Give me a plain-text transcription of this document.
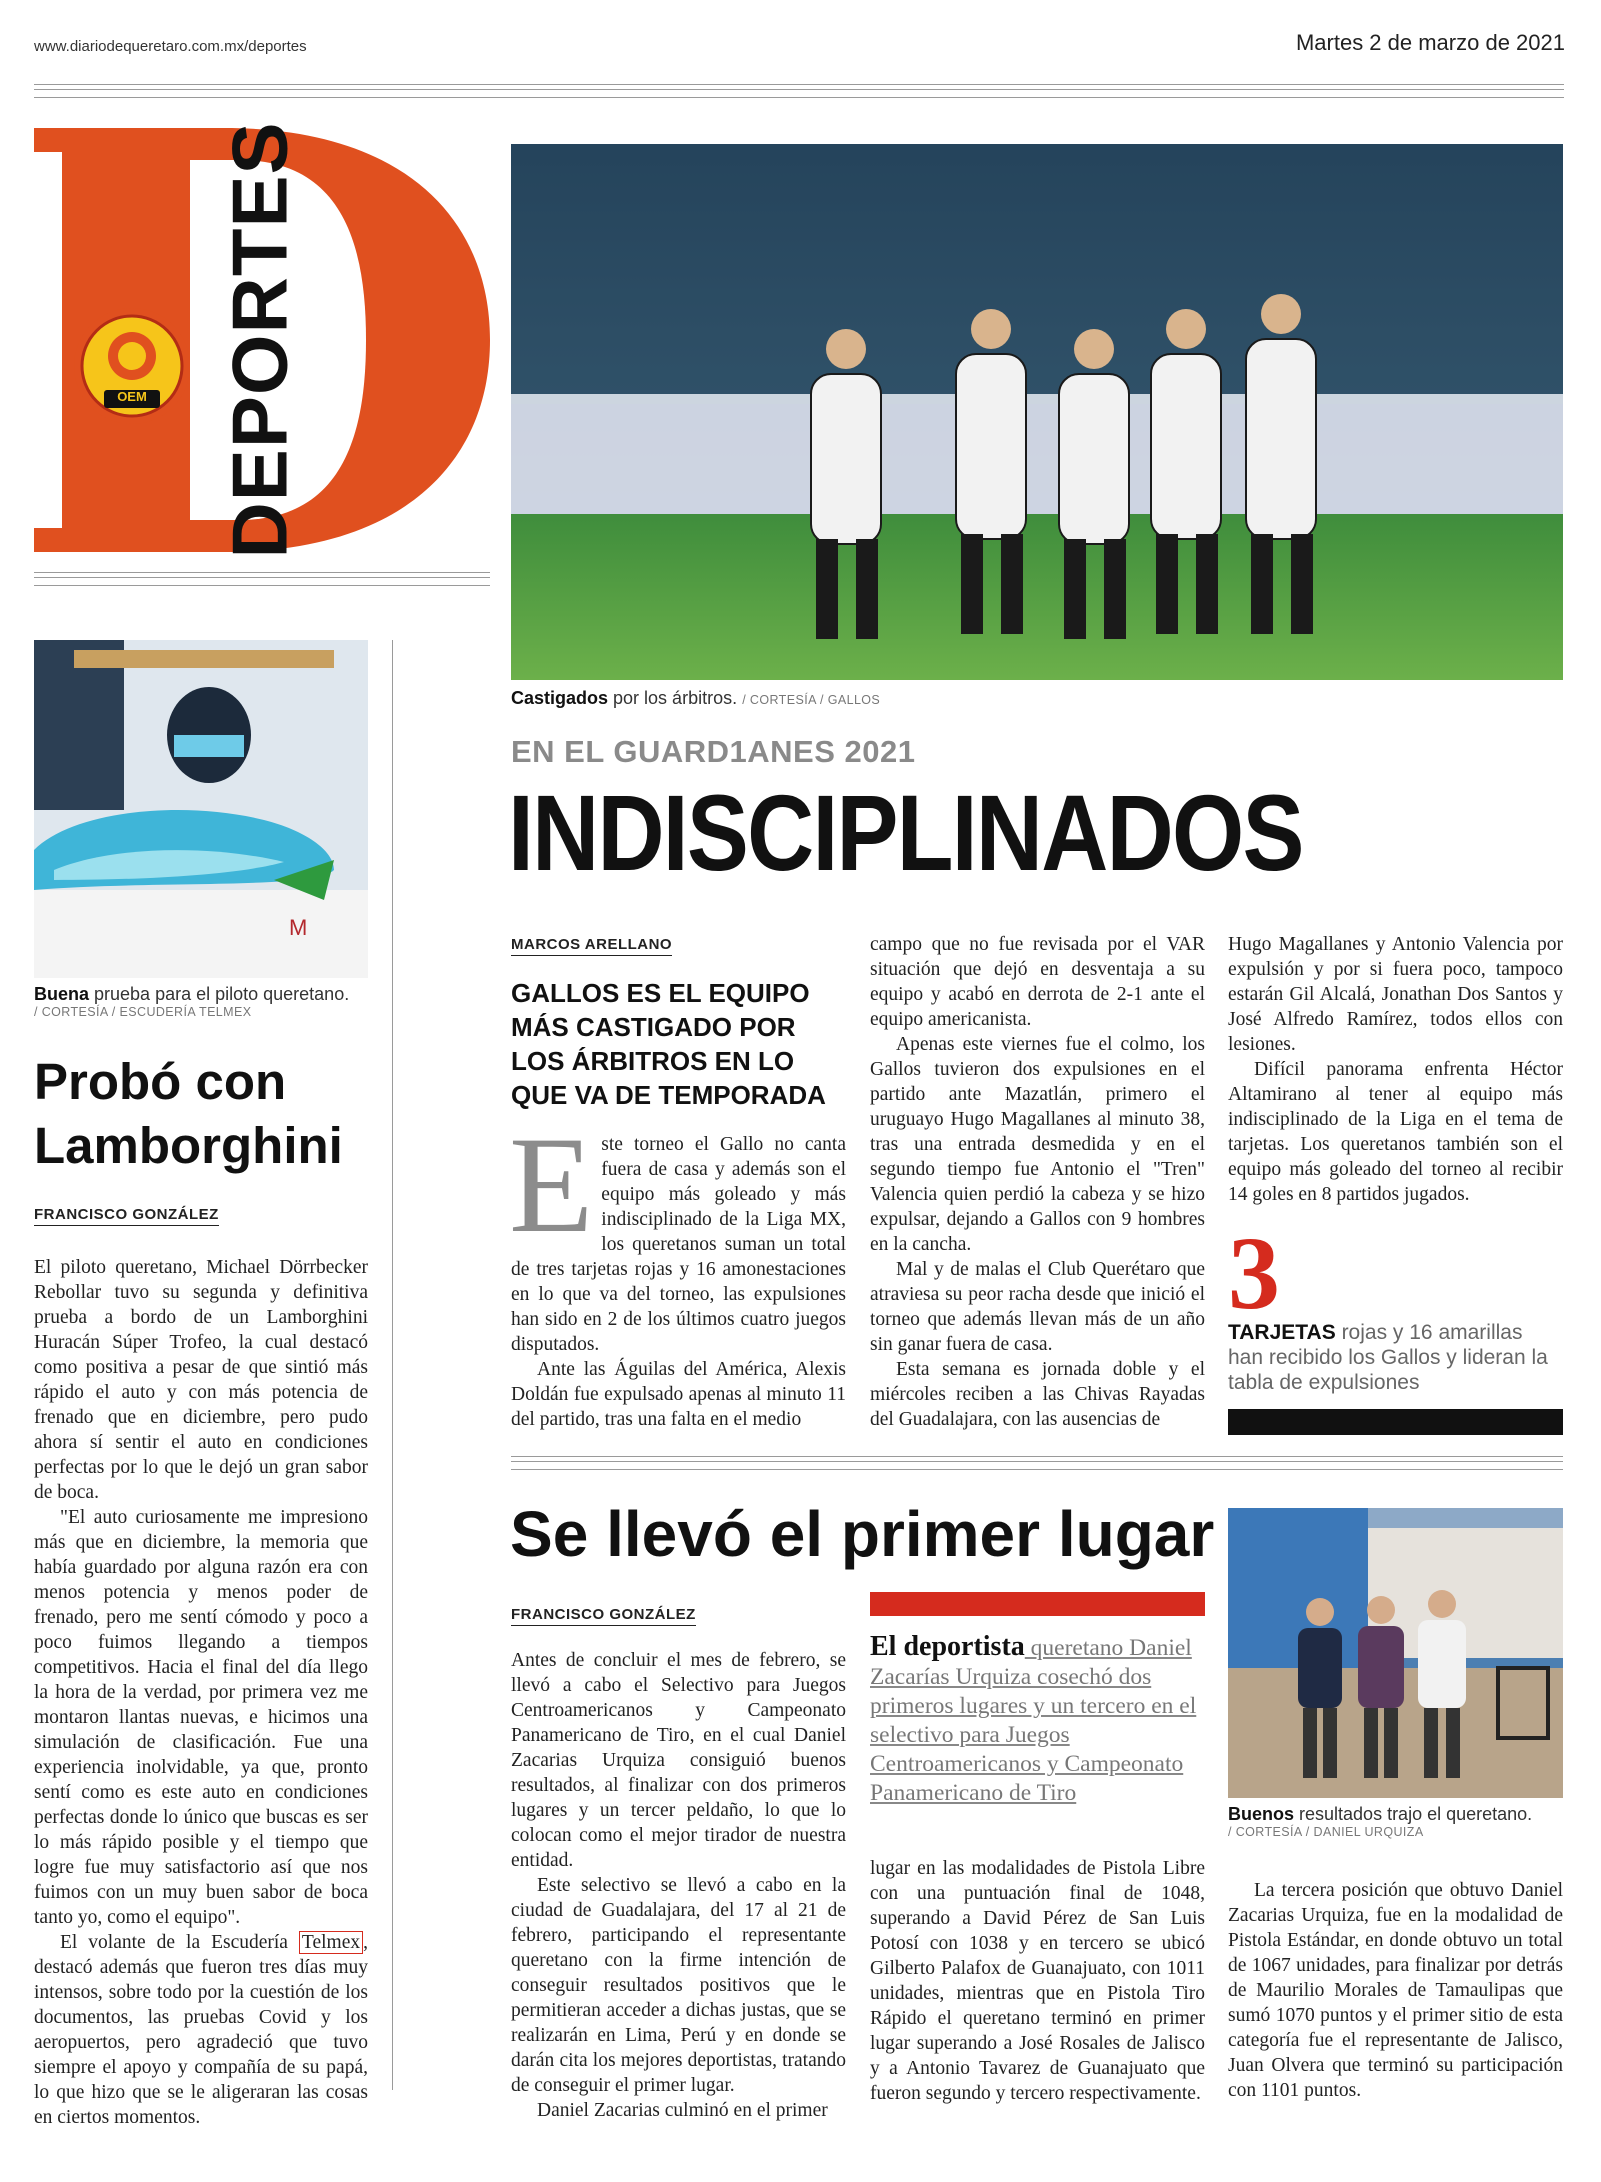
www.diariodequeretaro.com.mx/deportes	Martes 2 de marzo de 2021
OEM DEPORTES
Castigados por los árbitros. / CORTESÍA / GALLOS
EN EL GUARD1ANES 2021
INDISCIPLINADOS
MARCOS ARELLANO
GALLOS ES EL EQUIPO MÁS CASTIGADO POR LOS ÁRBITROS EN LO QUE VA DE TEMPORADA

Este torneo el Gallo no canta fuera de casa y además son el equipo más goleado y más indisciplinado de la Liga MX, los queretanos suman un total de tres tarjetas rojas y 16 amonestaciones en lo que va del torneo, las expulsiones han sido en 2 de los últimos cuatro juegos disputados.

Ante las Águilas del América, Alexis Doldán fue expulsado apenas al minuto 11 del partido, tras una falta en el medio

campo que no fue revisada por el VAR situación que dejó en desventaja a su equipo y acabó en derrota de 2-1 ante el equipo americanista.

Apenas este viernes fue el colmo, los Gallos tuvieron dos expulsiones en el partido ante Mazatlán, primero el uruguayo Hugo Magallanes al minuto 38, tras una entrada desmedida y en el segundo tiempo fue Antonio el "Tren" Valencia quien perdió la cabeza y se hizo expulsar, dejando a Gallos con 9 hombres en la cancha.

Mal y de malas el Club Querétaro que atraviesa su peor racha desde que inició el torneo que además llevan más de un año sin ganar fuera de casa.

Esta semana es jornada doble y el miércoles reciben a las Chivas Rayadas del Guadalajara, con las ausencias de

Hugo Magallanes y Antonio Valencia por expulsión y por si fuera poco, tampoco estarán Gil Alcalá, Jonathan Dos Santos y José Alfredo Ramírez, todos ellos con lesiones.

Difícil panorama enfrenta Héctor Altamirano al tener al equipo más indisciplinado de la Liga en el tema de tarjetas. Los queretanos también son el equipo más goleado del torneo al recibir 14 goles en 8 partidos jugados.

3
TARJETAS rojas y 16 amarillas han recibido los Gallos y lideran la tabla de expulsiones
Se llevó el primer lugar
FRANCISCO GONZÁLEZ

Antes de concluir el mes de febrero, se llevó a cabo el Selectivo para Juegos Centroamericanos y Campeonato Panamericano de Tiro, en el cual Daniel Zacarias Urquiza consiguió buenos resultados, al finalizar con dos primeros lugares y un tercer peldaño, lo que lo colocan como el mejor tirador de nuestra entidad.

Este selectivo se llevó a cabo en la ciudad de Guadalajara, del 17 al 21 de febrero, participando el representante queretano con la firme intención de conseguir resultados positivos que le permitieran acceder a dichas justas, que se realizarán en Lima, Perú y en donde se darán cita los mejores deportistas, tratando de conseguir el primer lugar.

Daniel Zacarias culminó en el primer

El deportista queretano Daniel Zacarías Urquiza cosechó dos primeros lugares y un tercero en el selectivo para Juegos Centroamericanos y Campeonato Panamericano de Tiro

lugar en las modalidades de Pistola Libre con una puntuación final de 1048, superando a David Pérez de San Luis Potosí con 1038 y en tercero se ubicó Gilberto Palafox de Guanajuato, con 1011 unidades, mientras que en Pistola Tiro Rápido el queretano terminó en primer lugar superando a José Rosales de Jalisco y a Antonio Tavarez de Guanajuato que fueron segundo y tercero respectivamente.

Buenos resultados trajo el queretano.
/ CORTESÍA / DANIEL URQUIZA

La tercera posición que obtuvo Daniel Zacarias Urquiza, fue en la modalidad de Pistola Estándar, en donde obtuvo un total de 1067 unidades, para finalizar por detrás de Maurilio Morales de Tamaulipas que sumó 1070 puntos y el primer sitio de esta categoría fue el representante de Jalisco, Juan Olvera que terminó su participación con 1101 puntos.

M
Buena prueba para el piloto queretano.
/ CORTESÍA / ESCUDERÍA TELMEX
Probó con Lamborghini
FRANCISCO GONZÁLEZ

El piloto queretano, Michael Dörrbecker Rebollar tuvo su segunda y definitiva prueba a bordo de un Lamborghini Huracán Súper Trofeo, la cual destacó como positiva a pesar de que sintió más rápido el auto y con más potencia de frenado que en diciembre, pero pudo ahora sí sentir el auto en condiciones perfectas por lo que le dejó un gran sabor de boca.

"El auto curiosamente me impresiono más que en diciembre, la memoria que había guardado por alguna razón era con menos potencia y menos poder de frenado, pero me sentí cómodo y poco a poco fuimos llegando a tiempos competitivos. Hacia el final del día llego la hora de la verdad, por primera vez me montaron llantas nuevas, e hicimos una simulación de clasificación. Fue una experiencia inolvidable, ya que, pronto sentí como es este auto en condiciones perfectas donde lo único que buscas es ser lo más rápido posible y el tiempo que logre fue muy satisfactorio así que nos fuimos con un muy buen sabor de boca tanto yo, como el equipo".

El volante de la Escudería Telmex , destacó además que fueron tres días muy intensos, sobre todo por la cuestión de los documentos, las pruebas Covid y los aeropuertos, pero agradeció que tuvo siempre el apoyo y compañía de su papá, lo que hizo que se le aligeraran las cosas en ciertos momentos.
